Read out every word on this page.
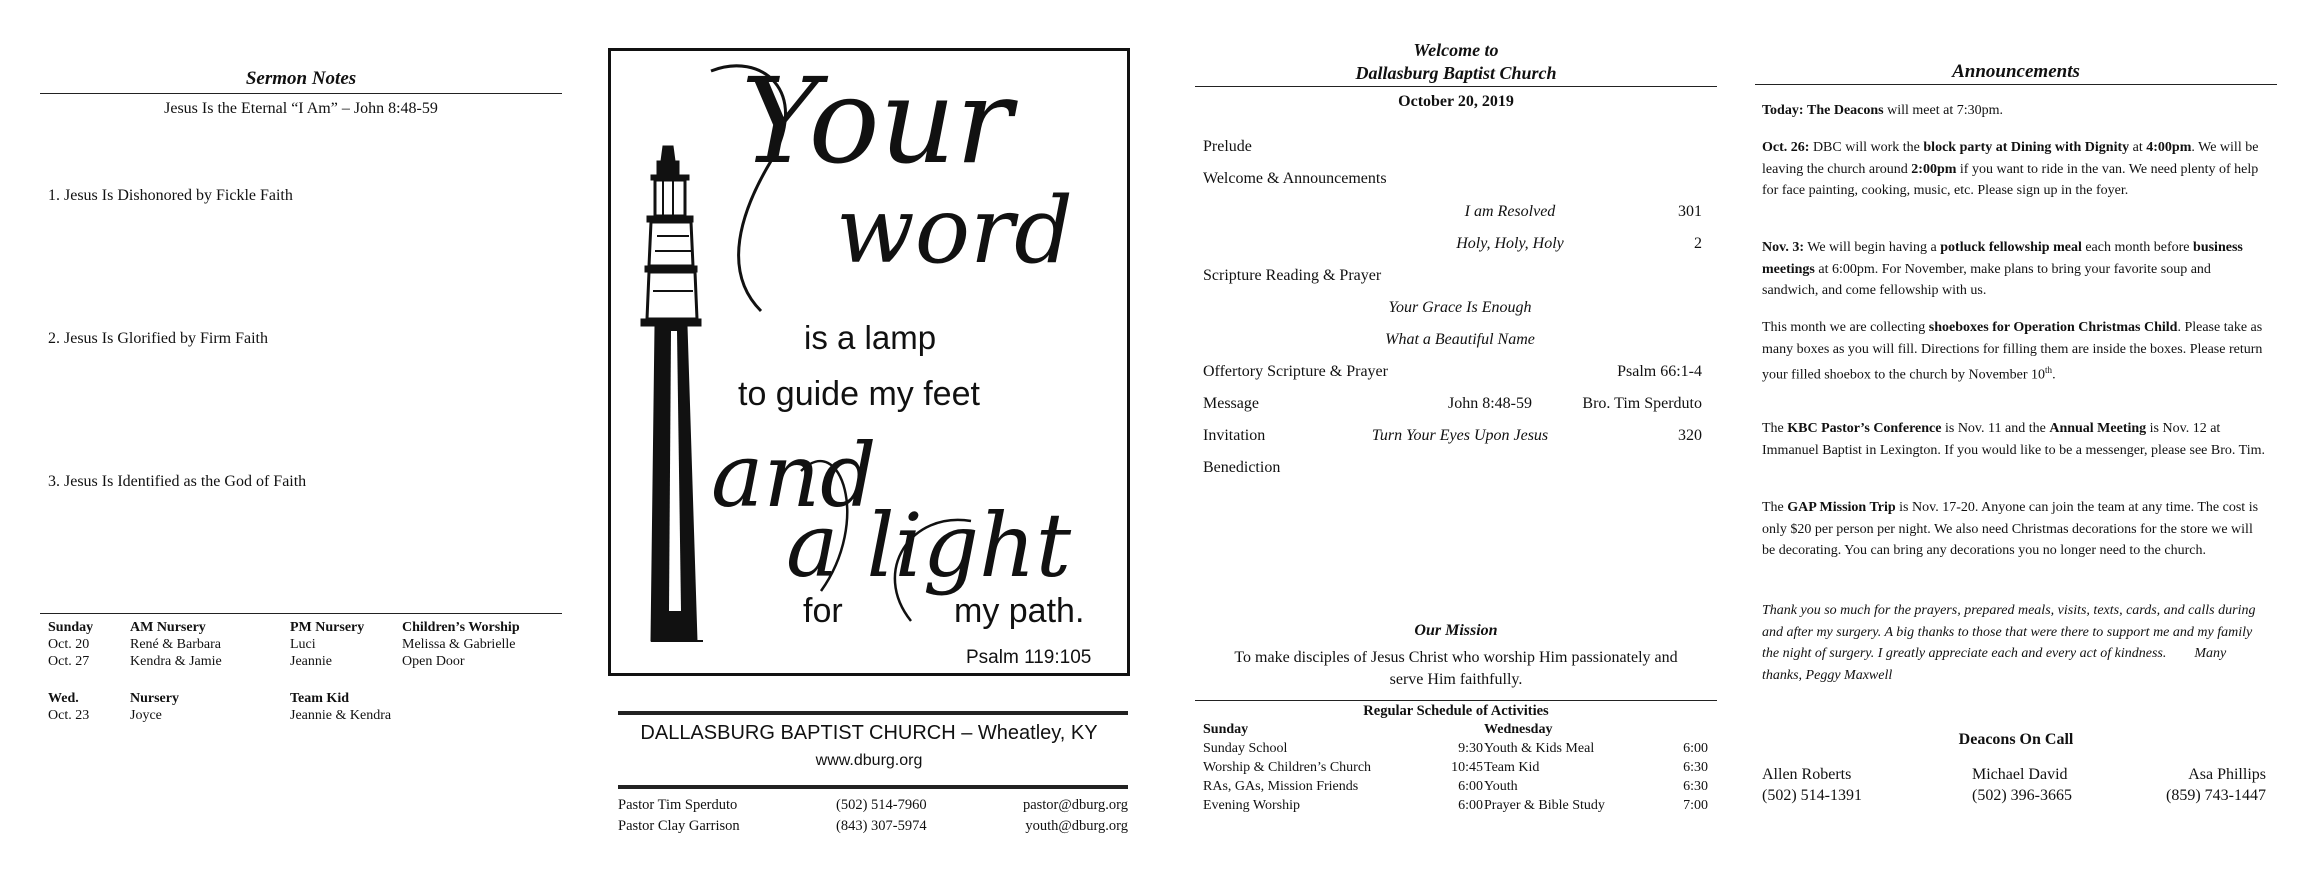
Sermon Notes
Jesus Is the Eternal “I Am” – John 8:48-59
1. Jesus Is Dishonored by Fickle Faith
2. Jesus Is Glorified by Firm Faith
3. Jesus Is Identified as the God of Faith
Sunday	AM Nursery	PM Nursery	Children’s Worship
Oct. 20	René & Barbara	Luci	Melissa & Gabrielle
Oct. 27	Kendra & Jamie	Jeannie	Open Door

Wed.	Nursery	Team Kid	
Oct. 23	Joyce	Jeannie & Kendra	
Your
word
is a lamp
to guide my feet
and
a light
for	my path.
Psalm 119:105
DALLASBURG BAPTIST CHURCH – Wheatley, KY
www.dburg.org
Pastor Tim Sperduto	(502) 514-7960	pastor@dburg.org
Pastor Clay Garrison	(843) 307-5974	youth@dburg.org
Welcome to
Dallasburg Baptist Church
October 20, 2019
Prelude
Welcome & Announcements
I am Resolved	301
Holy, Holy, Holy	2
Scripture Reading & Prayer
Your Grace Is Enough
What a Beautiful Name
Offertory Scripture & Prayer	Psalm 66:1-4
Message	John 8:48-59	Bro. Tim Sperduto
Invitation	Turn Your Eyes Upon Jesus	320
Benediction
Our Mission
To make disciples of Jesus Christ who worship Him passionately and serve Him faithfully.
Regular Schedule of Activities
Sunday	
Sunday School	9:30
Worship & Children’s Church	10:45
RAs, GAs, Mission Friends	6:00
Evening Worship	6:00
Wednesday	
Youth & Kids Meal	6:00
Team Kid	6:30
Youth	6:30
Prayer & Bible Study	7:00
Announcements

Today: The Deacons will meet at 7:30pm.

Oct. 26: DBC will work the block party at Dining with Dignity at 4:00pm. We will be leaving the church around 2:00pm if you want to ride in the van. We need plenty of help for face painting, cooking, music, etc. Please sign up in the foyer.

Nov. 3: We will begin having a potluck fellowship meal each month before business meetings at 6:00pm. For November, make plans to bring your favorite soup and sandwich, and come fellowship with us.

This month we are collecting shoeboxes for Operation Christmas Child. Please take as many boxes as you will fill. Directions for filling them are inside the boxes. Please return your filled shoebox to the church by November 10th.

The KBC Pastor’s Conference is Nov. 11 and the Annual Meeting is Nov. 12 at Immanuel Baptist in Lexington. If you would like to be a messenger, please see Bro. Tim.

The GAP Mission Trip is Nov. 17-20. Anyone can join the team at any time. The cost is only $20 per person per night. We also need Christmas decorations for the store we will be decorating. You can bring any decorations you no longer need to the church.

Thank you so much for the prayers, prepared meals, visits, texts, cards, and calls during and after my surgery. A big thanks to those that were there to support me and my family the night of surgery. I greatly appreciate each and every act of kindness. Many thanks, Peggy Maxwell
Deacons On Call
Allen Roberts
(502) 514-1391
Michael David
(502) 396-3665
Asa Phillips
(859) 743-1447
